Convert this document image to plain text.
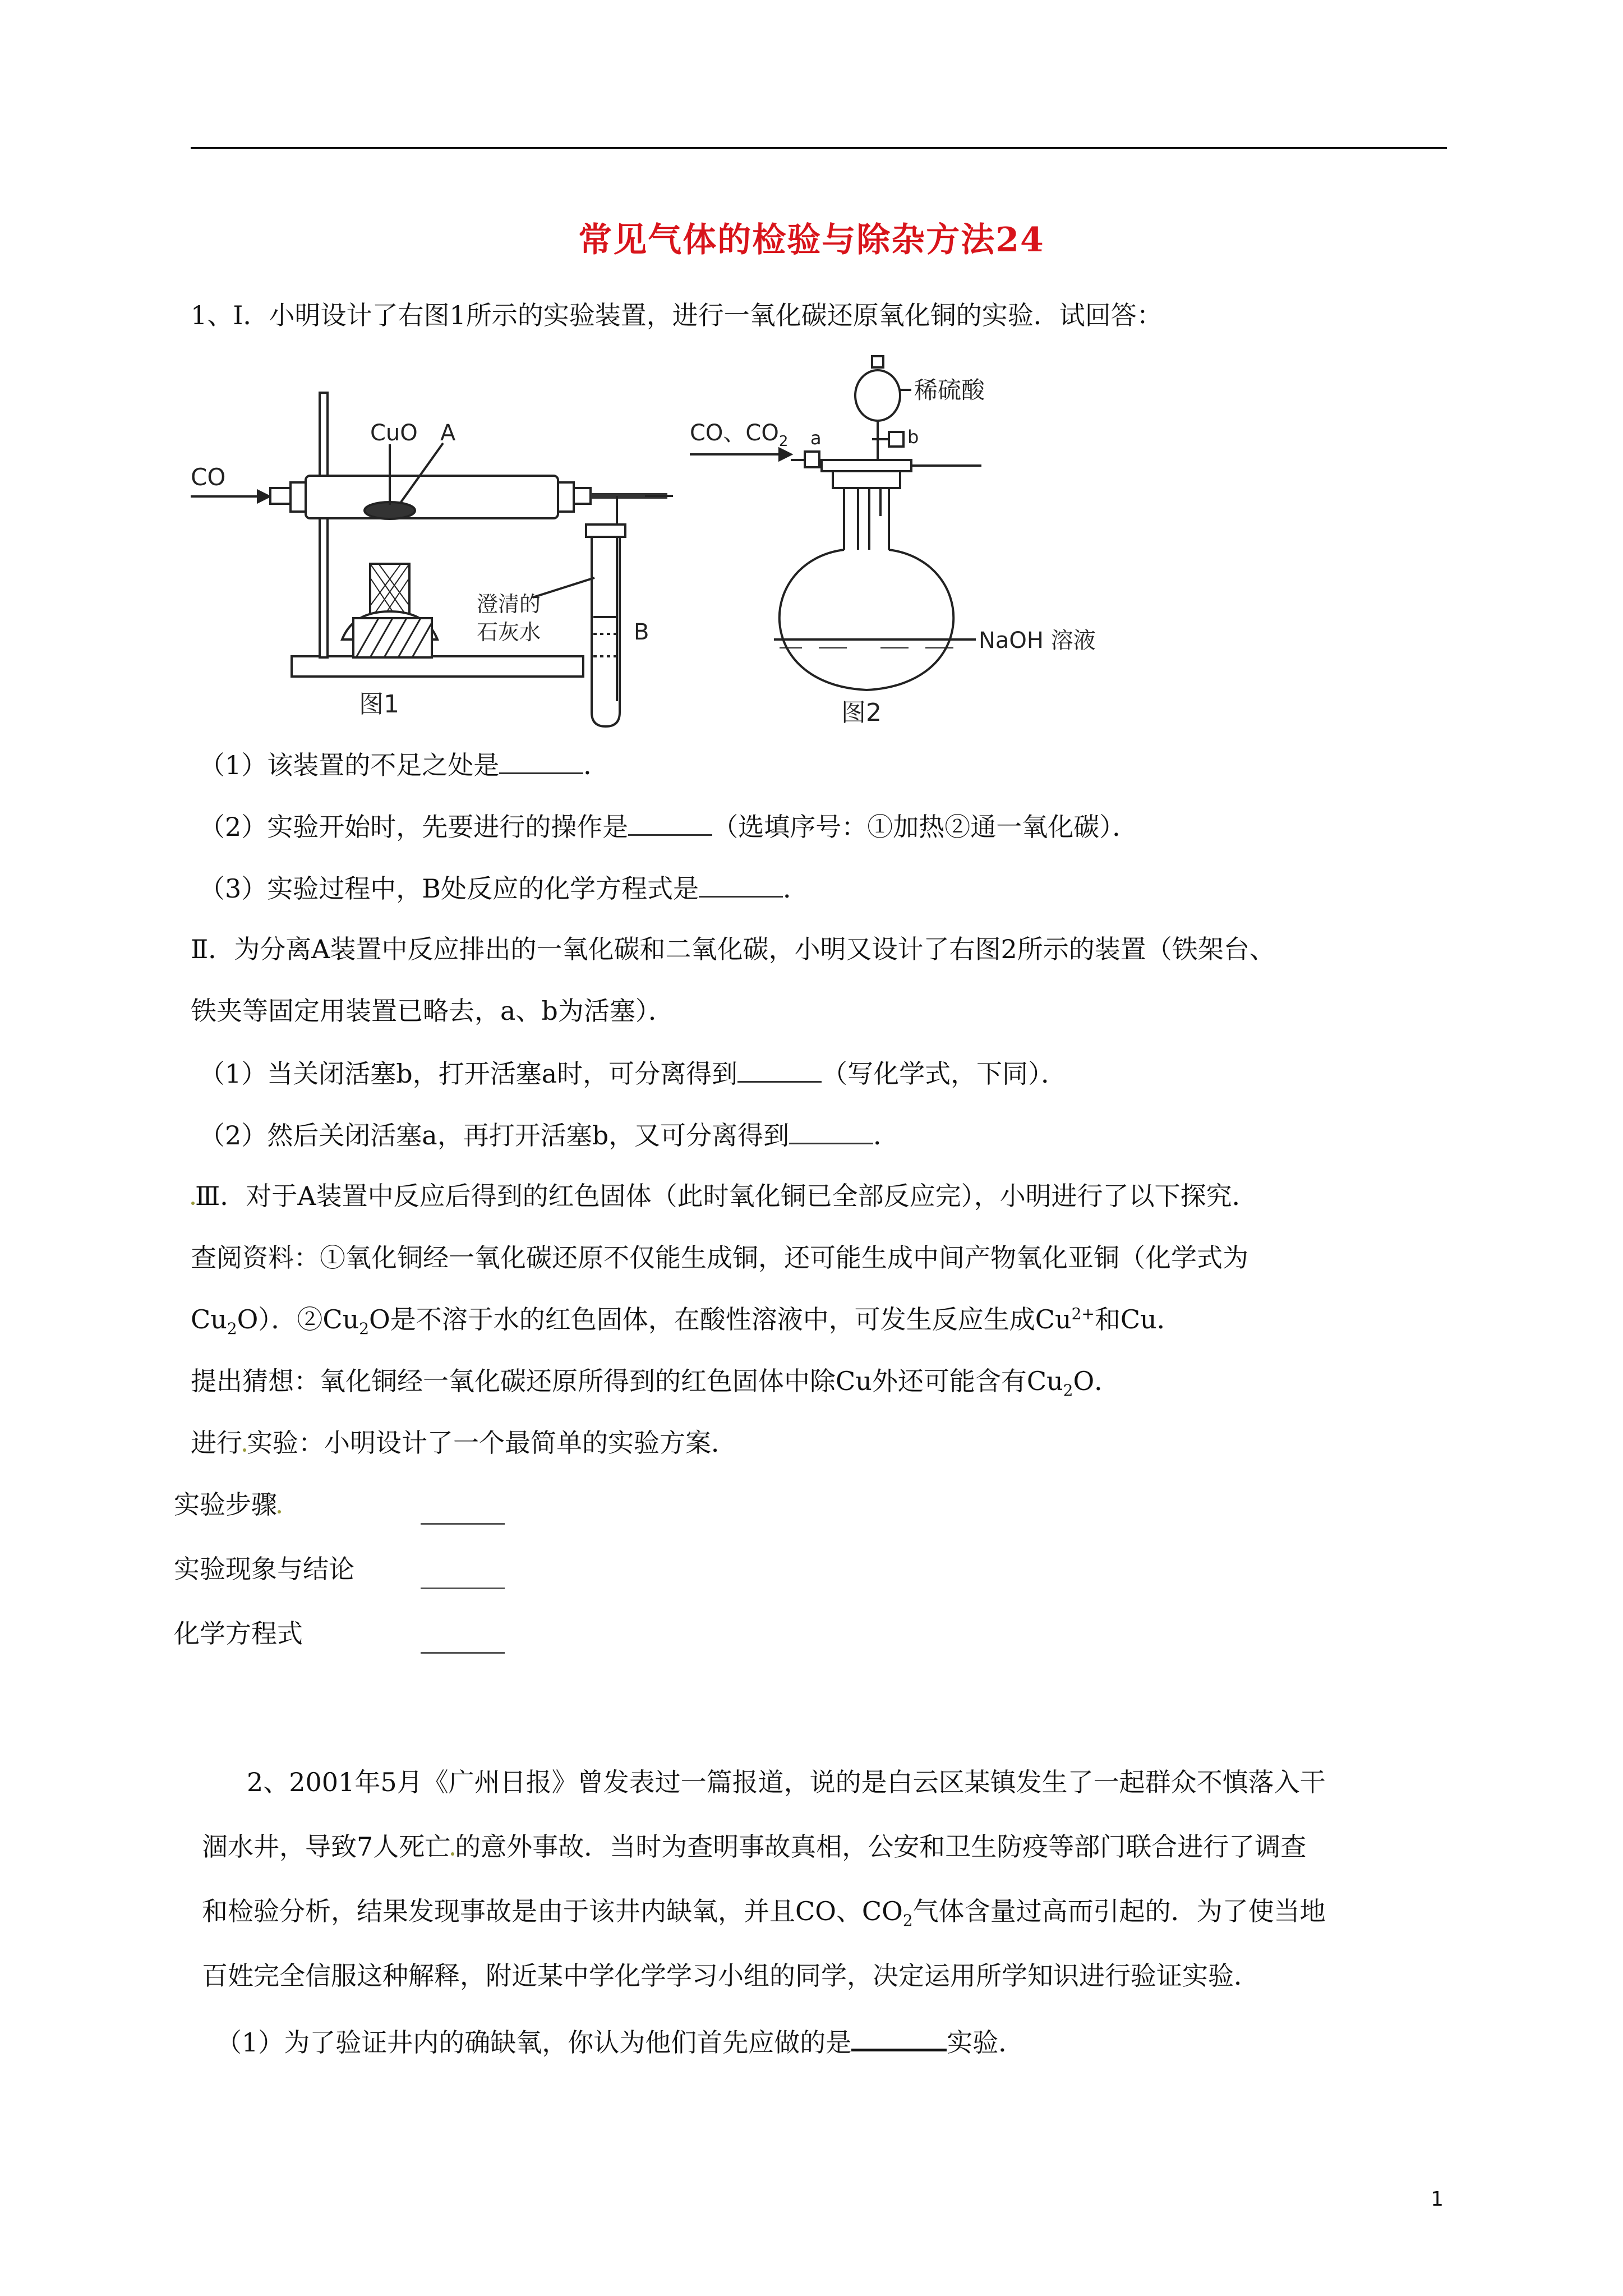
常见气体的检验与除杂方法24
1、Ⅰ．小明设计了右图1所示的实验装置，进行一氧化碳还原氧化铜的实验．试回答：
CO
CuO A
澄清的
石灰水	B
图1
CO、$CO_2$
稀硫酸
a	b
NaOH 溶液
图2
（1）该装置的不足之处是	．
（2）实验开始时，先要进行的操作是	（选填序号：①加热②通一氧化碳）．
（3）实验过程中，B处反应的化学方程式是	．
Ⅱ．为分离A装置中反应排出的一氧化碳和二氧化碳，小明又设计了右图2所示的装置（铁架台、
铁夹等固定用装置已略去，a、b为活塞）．
（1）当关闭活塞b，打开活塞a时，可分离得到	（写化学式，下同）．
（2）然后关闭活塞a，再打开活塞b，又可分离得到	．
Ⅲ．对于A装置中反应后得到的红色固体（此时氧化铜已全部反应完），小明进行了以下探究．
查阅资料：①氧化铜经一氧化碳还原不仅能生成铜，还可能生成中间产物氧化亚铜（化学式为
$Cu_2O$）．$②Cu_2O$是不溶于水的红色固体，在酸性溶液中，可发生反应生成$Cu^{2+}$和Cu．
提出猜想：氧化铜经一氧化碳还原所得到的红色固体中除Cu外还可能含有$Cu_2O$．
进行 实验：小明设计了一个最简单的实验方案．
实验步骤
实验现象与结论
化学方程式
2、2001年5月《广州日报》曾发表过一篇报道，说的是白云区某镇发生了一起群众不慎落入干
涸水井，导致7人死亡 的意外事故．当时为查明事故真相，公安和卫生防疫等部门联合进行了调查
和检验分析，结果发现事故是由于该井内缺氧，并且CO、$CO_2$气体含量过高而引起的．为了使当地
百姓完全信服这种解释，附近某中学化学学习小组的同学，决定运用所学知识进行验证实验．
（1）为了验证井内的确缺氧，你认为他们首先应做的是	实验．
1
